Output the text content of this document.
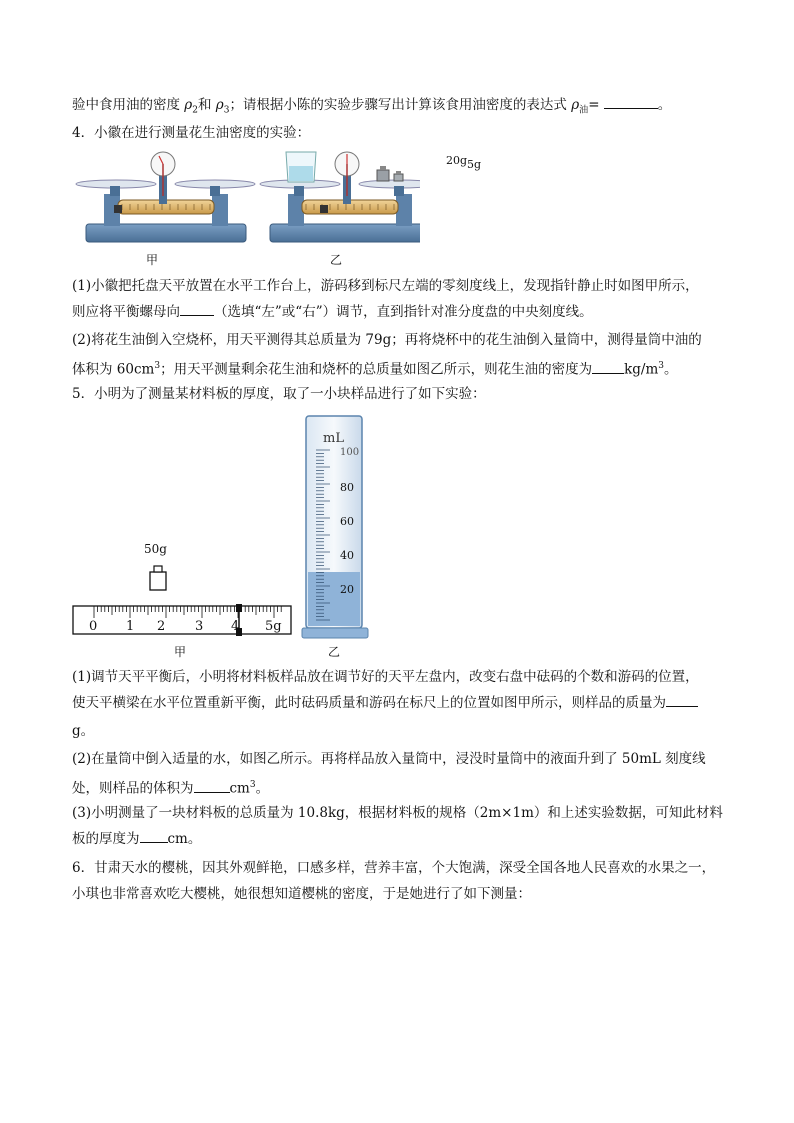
验中食用油的密度 $\rho_2$和 $\rho_3$；请根据小陈的实验步骤写出计算该食用油密度的表达式 $\rho_油=$	。
4．小徽在进行测量花生油密度的实验：
20g 5g
甲	乙
(1)小徽把托盘天平放置在水平工作台上，游码移到标尺左端的零刻度线上，发现指针静止时如图甲所示，
则应将平衡螺母向	（选填“左”或“右”）调节，直到指针对准分度盘的中央刻度线。
(2)将花生油倒入空烧杯，用天平测得其总质量为 79g；再将烧杯中的花生油倒入量筒中，测得量筒中油的
体积为 $60cm^3$；用天平测量剩余花生油和烧杯的总质量如图乙所示，则花生油的密度为 $kg/m^3$。
5．小明为了测量某材料板的厚度，取了一小块样品进行了如下实验：
50g
0 1 2 3 4 5g
甲
mL
100
80
60
40
20
乙
(1)调节天平平衡后，小明将材料板样品放在调节好的天平左盘内，改变右盘中砝码的个数和游码的位置，
使天平横梁在水平位置重新平衡，此时砝码质量和游码在标尺上的位置如图甲所示，则样品的质量为
g。
(2)在量筒中倒入适量的水，如图乙所示。再将样品放入量筒中，浸没时量筒中的液面升到了 50mL 刻度线
处，则样品的体积为	$cm^3$。
(3)小明测量了一块材料板的总质量为 10.8kg，根据材料板的规格（2m×1m）和上述实验数据，可知此材料
板的厚度为 cm。
6．甘肃天水的樱桃，因其外观鲜艳，口感多样，营养丰富，个大饱满，深受全国各地人民喜欢的水果之一，
小琪也非常喜欢吃大樱桃，她很想知道樱桃的密度，于是她进行了如下测量：
